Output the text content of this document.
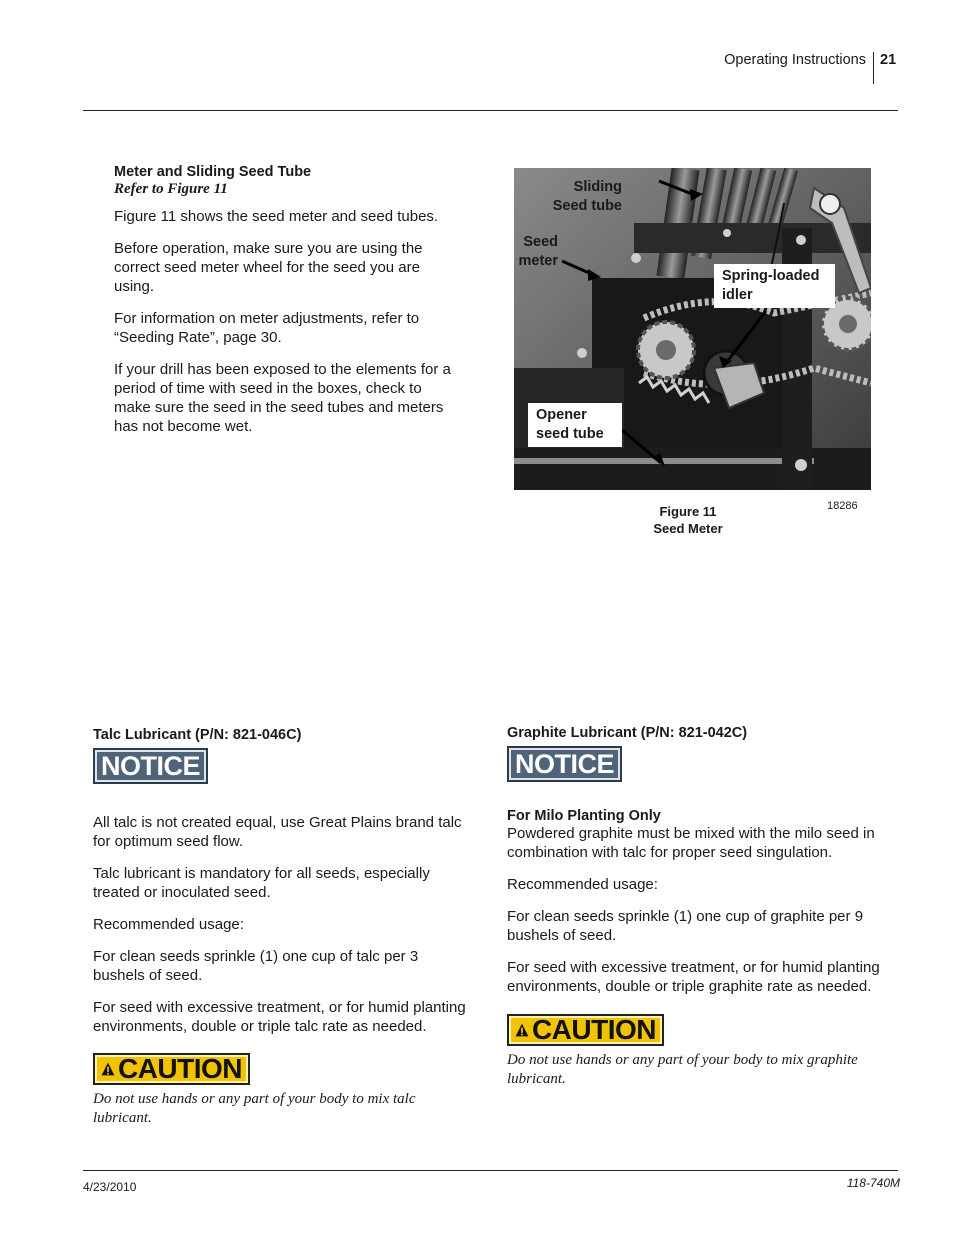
Operating Instructions 21
Meter and Sliding Seed Tube
Refer to Figure 11

Figure 11 shows the seed meter and seed tubes.

Before operation, make sure you are using the correct seed meter wheel for the seed you are using.

For information on meter adjustments, refer to “Seeding Rate”, page 30.

If your drill has been exposed to the elements for a period of time with seed in the boxes, check to make sure the seed in the seed tubes and meters has not become wet.

Sliding
Seed tube
Seed
meter
Spring-loaded
idler
Opener
seed tube
Figure 11
Seed Meter
18286
Talc Lubricant (P/N: 821-046C)
NOTICE

All talc is not created equal, use Great Plains brand talc for optimum seed flow.

Talc lubricant is mandatory for all seeds, especially treated or inoculated seed.

Recommended usage:

For clean seeds sprinkle (1) one cup of talc per 3 bushels of seed.

For seed with excessive treatment, or for humid planting environments, double or triple talc rate as needed.

CAUTION

Do not use hands or any part of your body to mix talc lubricant.

Graphite Lubricant (P/N: 821-042C)
NOTICE
For Milo Planting Only

Powdered graphite must be mixed with the milo seed in combination with talc for proper seed singulation.

Recommended usage:

For clean seeds sprinkle (1) one cup of graphite per 9 bushels of seed.

For seed with excessive treatment, or for humid planting environments, double or triple graphite rate as needed.

CAUTION

Do not use hands or any part of your body to mix graphite lubricant.

4/23/2010	118-740M
